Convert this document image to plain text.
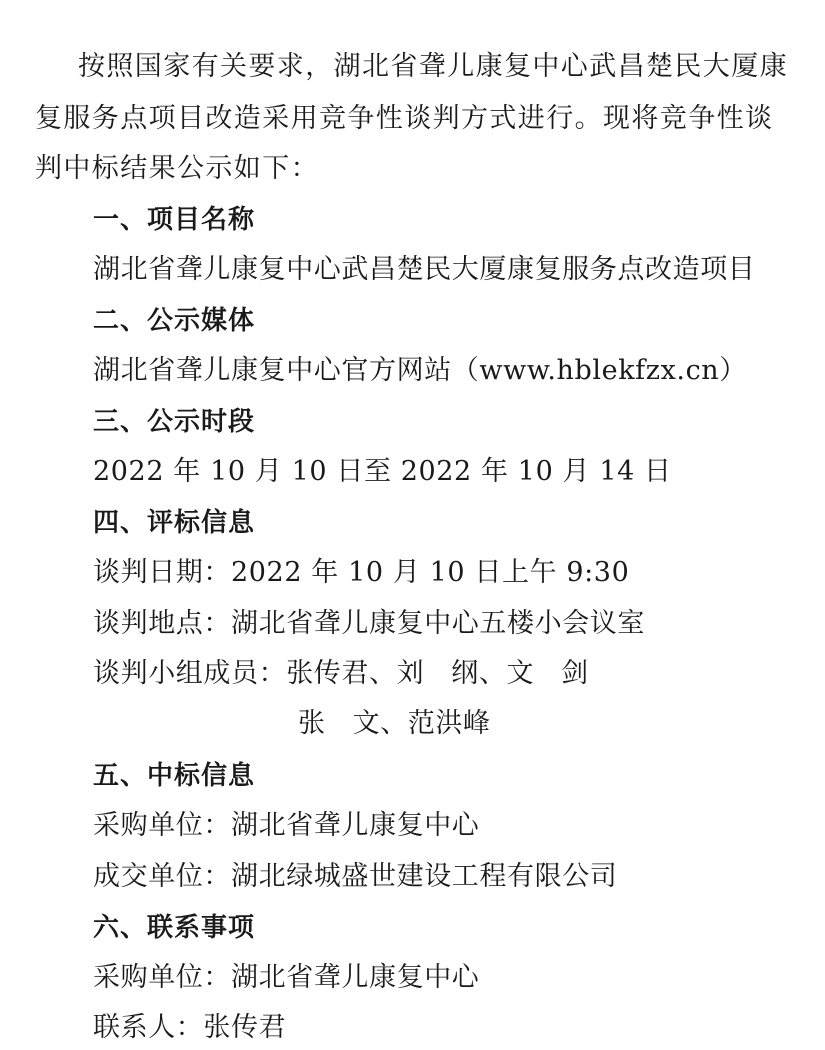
按照国家有关要求，湖北省聋儿康复中心武昌楚民大厦康
复服务点项目改造采用竞争性谈判方式进行。现将竞争性谈
判中标结果公示如下：
一、项目名称
湖北省聋儿康复中心武昌楚民大厦康复服务点改造项目
二、公示媒体
湖北省聋儿康复中心官方网站（www.hblekfzx.cn）
三、公示时段
2022 年 10 月 10 日至 2022 年 10 月 14 日
四、评标信息
谈判日期：2022 年 10 月 10 日上午 9:30
谈判地点：湖北省聋儿康复中心五楼小会议室
谈判小组成员：张传君、刘 纲、文 剑
张 文、范洪峰
五、中标信息
采购单位：湖北省聋儿康复中心
成交单位：湖北绿城盛世建设工程有限公司
六、联系事项
采购单位：湖北省聋儿康复中心
联系人：张传君
